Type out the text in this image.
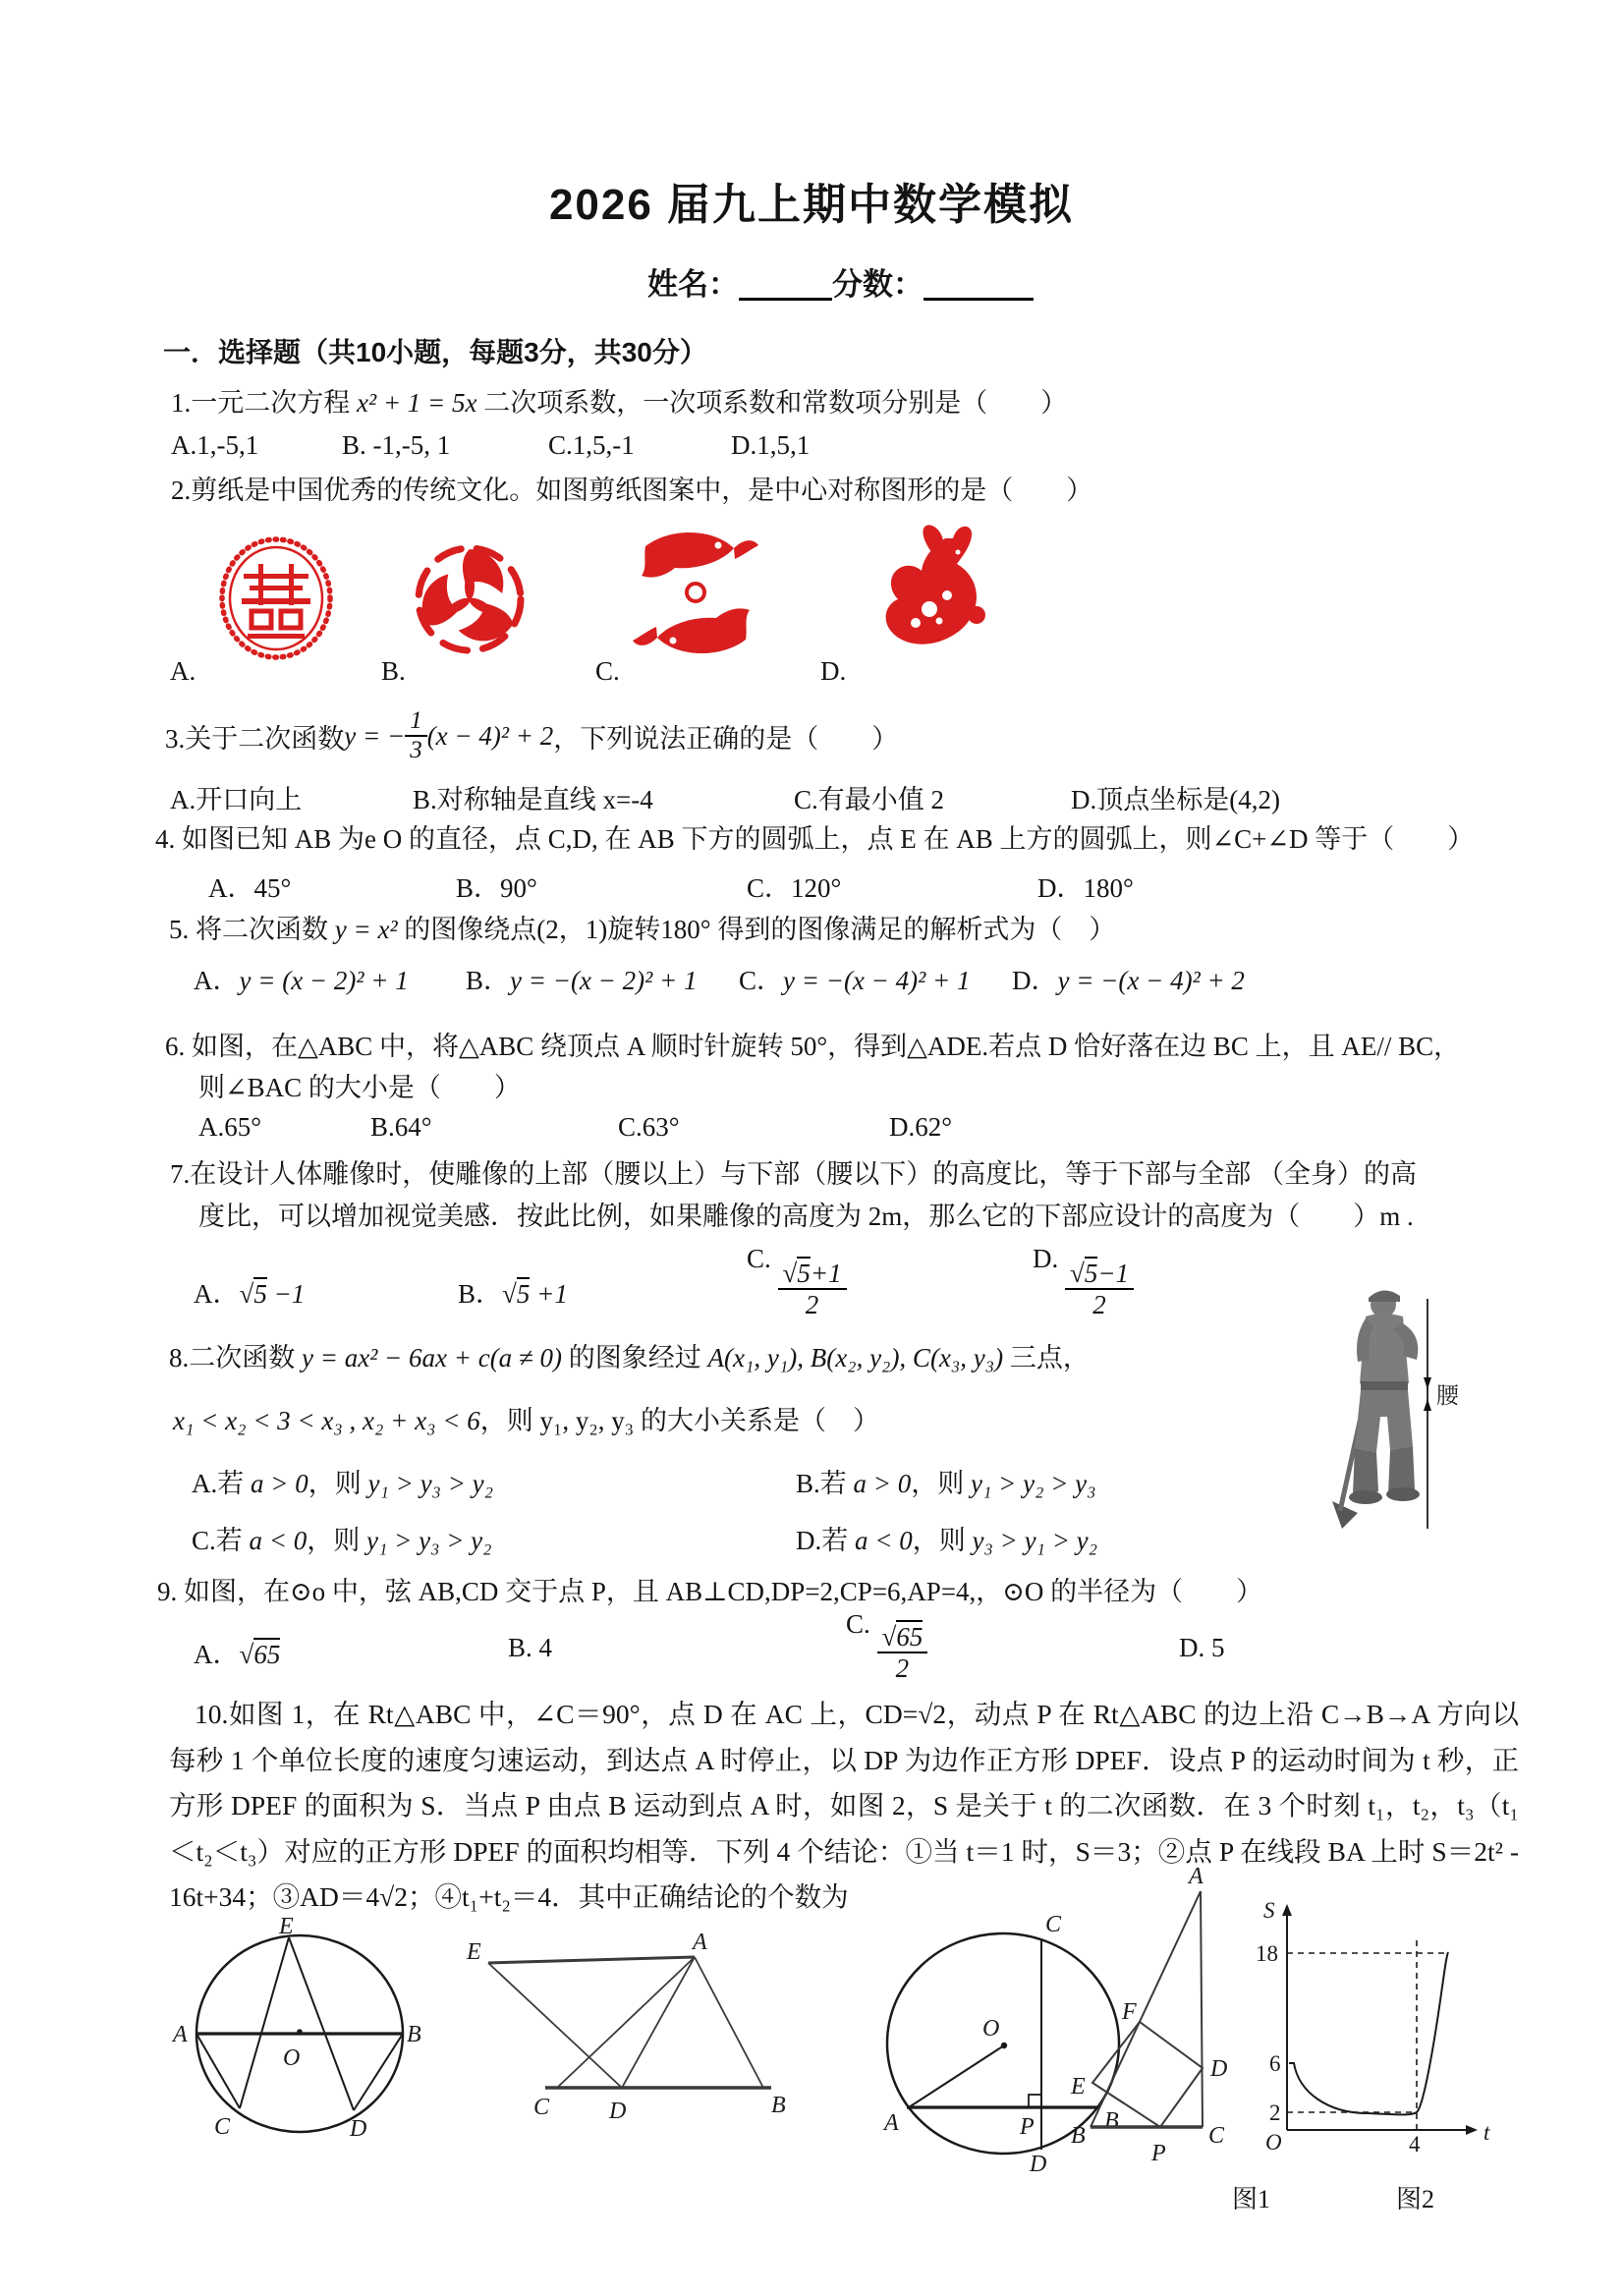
2026 届九上期中数学模拟
姓名：	分数：
一．选择题（共10小题，每题3分，共30分）
1.一元二次方程 x² + 1 = 5x 二次项系数，一次项系数和常数项分别是（　　）
A.1,-5,1	B. -1,-5, 1	C.1,5,-1	D.1,5,1
2.剪纸是中国优秀的传统文化。如图剪纸图案中，是中心对称图形的是（　　）
A.	B.	C.	D.
3.关于二次函数 y = − $\frac{1}{3} (x - 4)^2 + 2$ ，下列说法正确的是（　　）
A.开口向上	B.对称轴是直线 x=-4	C.有最小值 2	D.顶点坐标是(4,2)
4. 如图已知 AB 为e O 的直径，点 C,D, 在 AB 下方的圆弧上，点 E 在 AB 上方的圆弧上，则∠C+∠D 等于（　　）
A．45°	B．90°	C．120°	D．180°
5. 将二次函数 y = x² 的图像绕点(2，1)旋转180° 得到的图像满足的解析式为（　）
A．y = (x − 2)² + 1 B．y = −(x − 2)² + 1 C．y = −(x − 4)² + 1 D．y = −(x − 4)² + 2
6. 如图，在△ABC 中，将△ABC 绕顶点 A 顺时针旋转 50°，得到△ADE.若点 D 恰好落在边 BC 上，且 AE// BC，
则∠BAC 的大小是（　　）
A.65°	B.64°	C.63°	D.62°
7.在设计人体雕像时，使雕像的上部（腰以上）与下部（腰以下）的高度比，等于下部与全部 （全身）的高
度比，可以增加视觉美感．按此比例，如果雕像的高度为 2m，那么它的下部应设计的高度为（　　）m .
A．√5 −1	B．√5 +1
C. $\frac{√5+1}{2}$	D. $\frac{√5-1}{2}$
8.二次函数 y = ax² − 6ax + c(a ≠ 0) 的图象经过 A(x₁, y₁), B(x₂, y₂), C(x₃, y₃) 三点，
x₁ < x₂ < 3 < x₃ , x₂ + x₃ < 6，则 y₁, y₂, y₃ 的大小关系是（　）
A.若 a > 0，则 y₁ > y₃ > y₂	B.若 a > 0，则 y₁ > y₂ > y₃
C.若 a < 0，则 y₁ > y₃ > y₂	D.若 a < 0，则 y₃ > y₁ > y₂
腰
9. 如图，在⊙o 中，弦 AB,CD 交于点 P，且 AB⊥CD,DP=2,CP=6,AP=4,，⊙O 的半径为（　　）
A．√65	B. 4
C. $\frac{√65}{2}$	D. 5
10.如图 1，在 Rt△ABC 中，∠C＝90°，点 D 在 AC 上，CD=√2，动点 P 在 Rt△ABC 的边上沿 C→B→A 方向以每秒 1 个单位长度的速度匀速运动，到达点 A 时停止，以 DP 为边作正方形 DPEF．设点 P 的运动时间为 t 秒，正方形 DPEF 的面积为 S．当点 P 由点 B 运动到点 A 时，如图 2，S 是关于 t 的二次函数．在 3 个时刻 t₁，t₂，t₃（t₁＜t₂＜t₃）对应的正方形 DPEF 的面积均相等．下列 4 个结论：①当 t＝1 时，S＝3；②点 P 在线段 BA 上时 S＝2t² - 16t+34；③AD＝4√2；④t₁+t₂＝4．其中正确结论的个数为
E
A	B
O
C	D
E	A
C	D	B
C
O
A	B
P
D
A
F
E
D
B	C
P
图1
S
18
6
2
O	4	t
图2
